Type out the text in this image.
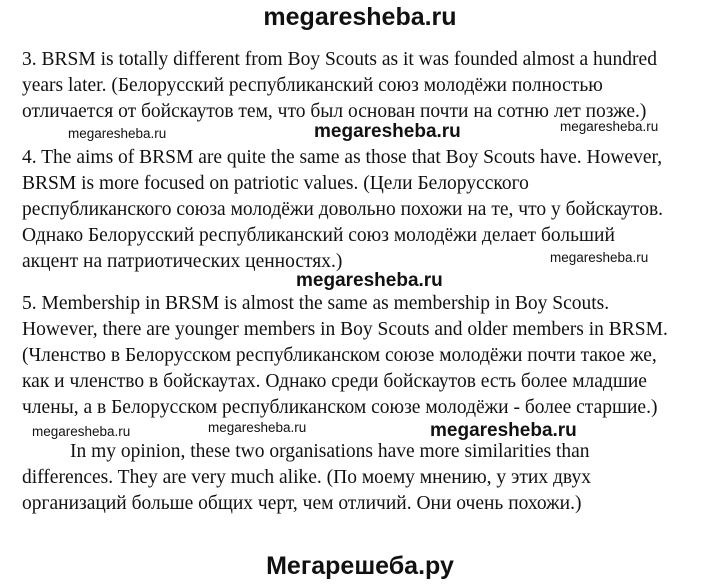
megaresheba.ru
3. BRSM is totally different from Boy Scouts as it was founded almost a hundred
years later. (Белорусский республиканский союз молодёжи полностью
отличается от бойскаутов тем, что был основан почти на сотню лет позже.)
4. The aims of BRSM are quite the same as those that Boy Scouts have. However,
BRSM is more focused on patriotic values. (Цели Белорусского
республиканского союза молодёжи довольно похожи на те, что у бойскаутов.
Однако Белорусский республиканский союз молодёжи делает больший
акцент на патриотических ценностях.)
5. Membership in BRSM is almost the same as membership in Boy Scouts.
However, there are younger members in Boy Scouts and older members in BRSM.
(Членство в Белорусском республиканском союзе молодёжи почти такое же,
как и членство в бойскаутах. Однако среди бойскаутов есть более младшие
члены, а в Белорусском республиканском союзе молодёжи - более старшие.)
In my opinion, these two organisations have more similarities than
differences. They are very much alike. (По моему мнению, у этих двух
организаций больше общих черт, чем отличий. Они очень похожи.)
megaresheba.ru	megaresheba.ru	megaresheba.ru
megaresheba.ru
megaresheba.ru
megaresheba.ru	megaresheba.ru	megaresheba.ru
Мегарешеба.ру
